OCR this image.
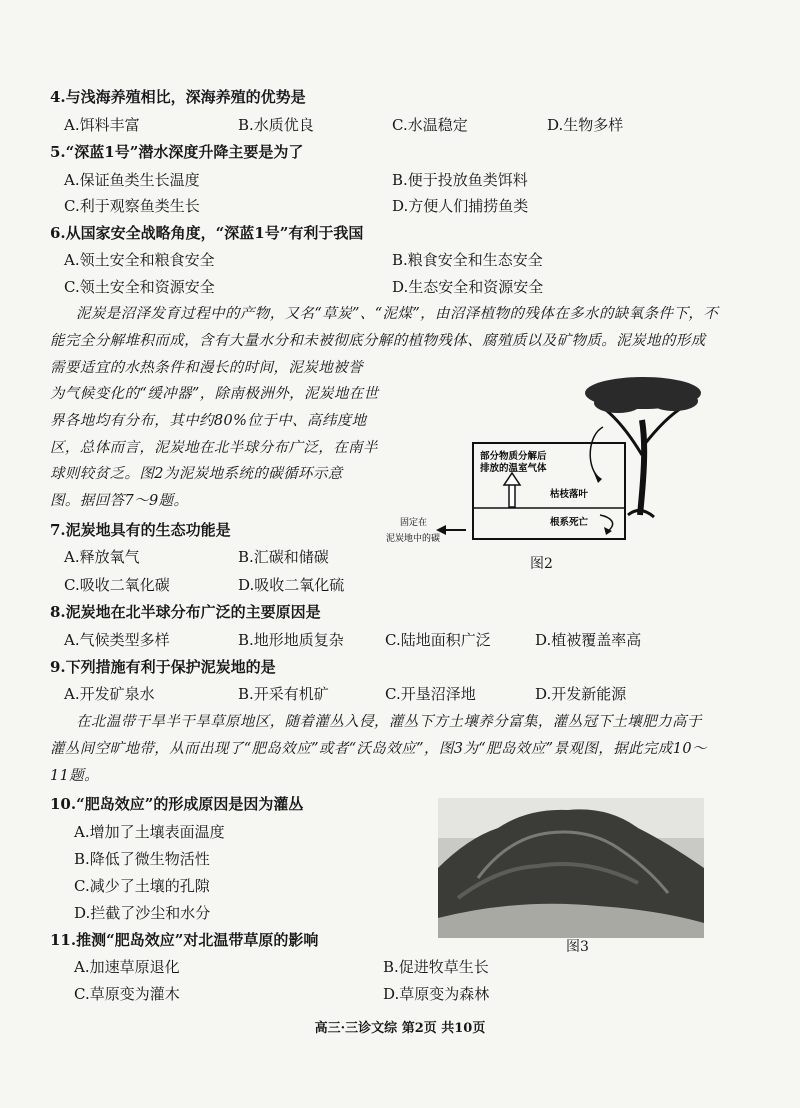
4.与浅海养殖相比，深海养殖的优势是
A.饵料丰富	B.水质优良	C.水温稳定	D.生物多样
5.“深蓝1号”潜水深度升降主要是为了
A.保证鱼类生长温度	B.便于投放鱼类饵料
C.利于观察鱼类生长	D.方便人们捕捞鱼类
6.从国家安全战略角度，“深蓝1号”有利于我国
A.领土安全和粮食安全	B.粮食安全和生态安全
C.领土安全和资源安全	D.生态安全和资源安全
泥炭是沼泽发育过程中的产物，又名“草炭”、“泥煤”，由沼泽植物的残体在多水的缺氧条件下，不
能完全分解堆积而成，含有大量水分和未被彻底分解的植物残体、腐殖质以及矿物质。泥炭地的形成
需要适宜的水热条件和漫长的时间，泥炭地被誉
为气候变化的“缓冲器”，除南极洲外，泥炭地在世
界各地均有分布，其中约80%位于中、高纬度地
区，总体而言，泥炭地在北半球分布广泛，在南半
球则较贫乏。图2为泥炭地系统的碳循环示意
图。据回答7～9题。
部分物质分解后
排放的温室气体
枯枝落叶
根系死亡
固定在
泥炭地中的碳
图2
7.泥炭地具有的生态功能是
A.释放氧气	B.汇碳和储碳
C.吸收二氧化碳	D.吸收二氧化硫
8.泥炭地在北半球分布广泛的主要原因是
A.气候类型多样	B.地形地质复杂	C.陆地面积广泛	D.植被覆盖率高
9.下列措施有利于保护泥炭地的是
A.开发矿泉水	B.开采有机矿	C.开垦沼泽地	D.开发新能源
在北温带干旱半干旱草原地区，随着灌丛入侵，灌丛下方土壤养分富集，灌丛冠下土壤肥力高于
灌丛间空旷地带，从而出现了“肥岛效应”或者“沃岛效应”，图3为“肥岛效应”景观图，据此完成10～
11题。
10.“肥岛效应”的形成原因是因为灌丛
A.增加了土壤表面温度
B.降低了微生物活性
C.减少了土壤的孔隙
D.拦截了沙尘和水分
图3
11.推测“肥岛效应”对北温带草原的影响
A.加速草原退化	B.促进牧草生长
C.草原变为灌木	D.草原变为森林
高三·三诊文综 第2页 共10页
